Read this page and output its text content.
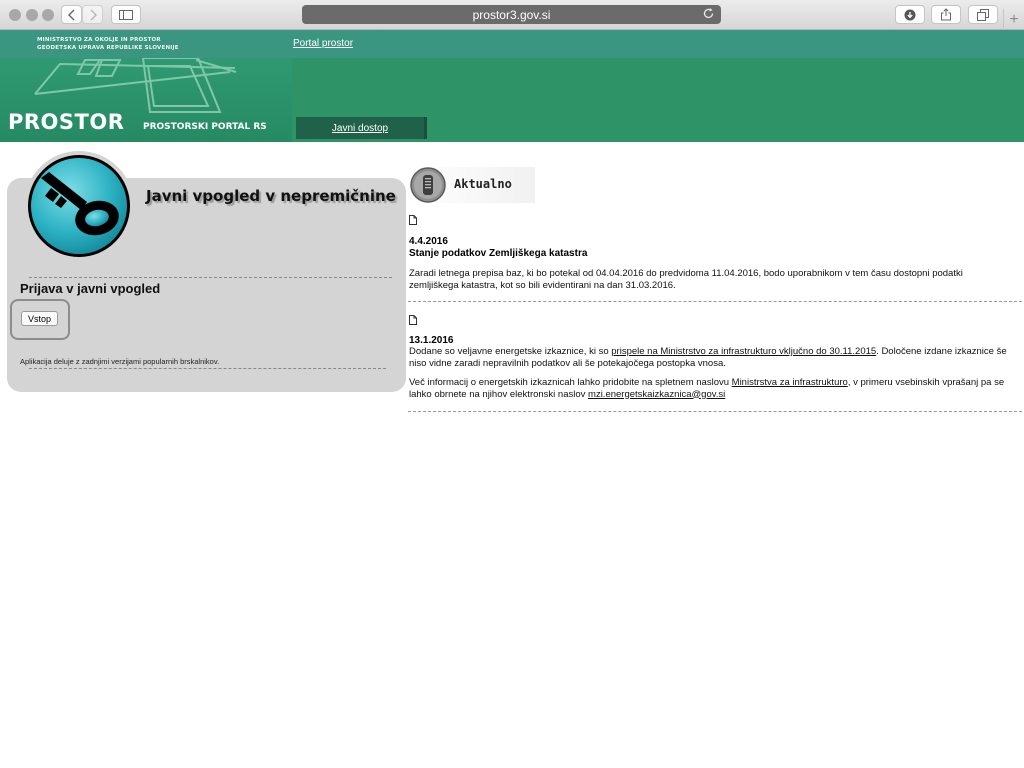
prostor3.gov.si	+
MINISTRSTVO ZA OKOLJE IN PROSTOR
GEODETSKA UPRAVA REPUBLIKE SLOVENIJE	Portal prostor
PROSTOR PROSTORSKI PORTAL RS	Javni dostop
Javni vpogled v nepremičnine
Prijava v javni vpogled
Vstop
Aplikacija deluje z zadnjimi verzijami popularnih brskalnikov.
Aktualno
4.4.2016
Stanje podatkov Zemljiškega katastra
Zaradi letnega prepisa baz, ki bo potekal od 04.04.2016 do predvidoma 11.04.2016, bodo uporabnikom v tem času dostopni podatki zemljiškega katastra, kot so bili evidentirani na dan 31.03.2016.
13.1.2016
Dodane so veljavne energetske izkaznice, ki so prispele na Ministrstvo za infrastrukturo vključno do 30.11.2015. Določene izdane izkaznice še niso vidne zaradi nepravilnih podatkov ali še potekajočega postopka vnosa.
Več informacij o energetskih izkaznicah lahko pridobite na spletnem naslovu Ministrstva za infrastrukturo, v primeru vsebinskih vprašanj pa se lahko obrnete na njihov elektronski naslov mzi.energetskaizkaznica@gov.si
